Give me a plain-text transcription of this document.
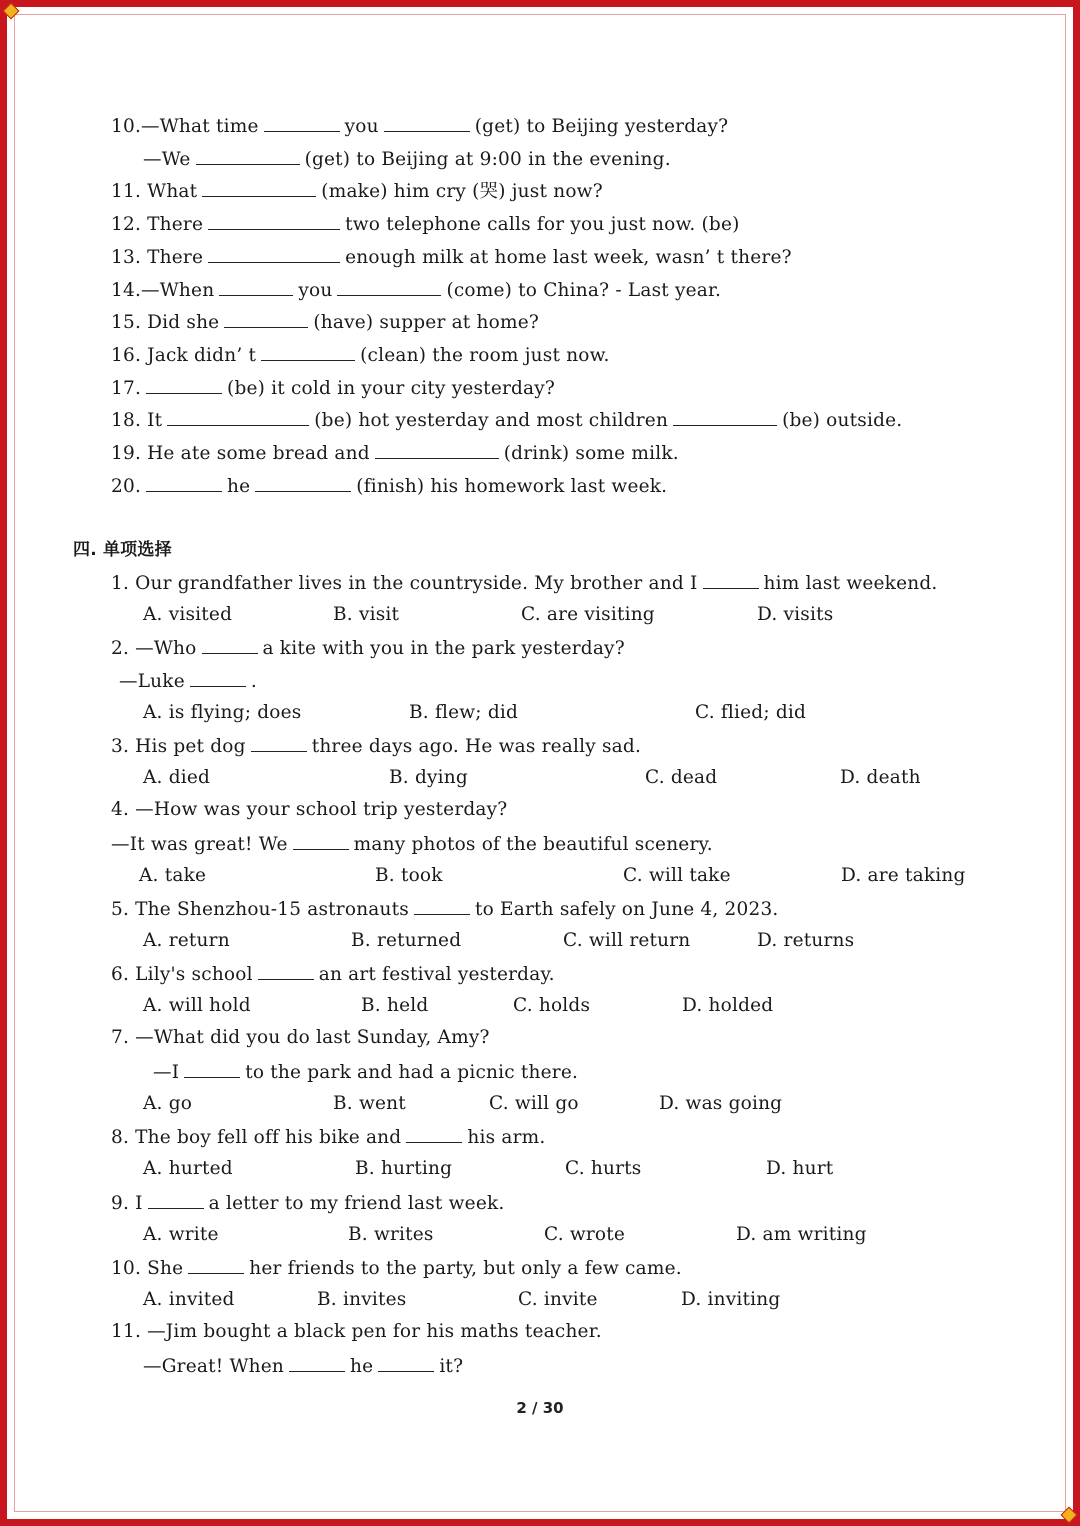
四. 单项选择
10.—What time	you	(get) to Beijing yesterday?
—We	(get) to Beijing at 9:00 in the evening.
11. What	(make) him cry (哭) just now?
12. There	two telephone calls for you just now. (be)
13. There	enough milk at home last week, wasn’ t there?
14.—When	you	(come) to China? - Last year.
15. Did she	(have) supper at home?
16. Jack didn’ t	(clean) the room just now.
17.	(be) it cold in your city yesterday?
18. It	(be) hot yesterday and most children	(be) outside.
19. He ate some bread and	(drink) some milk.
20.	he	(finish) his homework last week.
1. Our grandfather lives in the countryside. My brother and I	him last weekend.
2. —Who	a kite with you in the park yesterday?
—Luke	.
3. His pet dog	three days ago. He was really sad.
4. —How was your school trip yesterday?
—It was great! We	many photos of the beautiful scenery.
5. The Shenzhou-15 astronauts	to Earth safely on June 4, 2023.
6. Lily's school	an art festival yesterday.
7. —What did you do last Sunday, Amy?
—I	to the park and had a picnic there.
8. The boy fell off his bike and	his arm.
9. I	a letter to my friend last week.
10. She	her friends to the party, but only a few came.
11. —Jim bought a black pen for his maths teacher.
—Great! When	he	it?
A. visited	B. visit	C. are visiting	D. visits
A. is flying; does	B. flew; did	C. flied; did
A. died	B. dying	C. dead	D. death
A. take	B. took	C. will take	D. are taking
A. return	B. returned	C. will return	D. returns
A. will hold	B. held	C. holds	D. holded
A. go	B. went	C. will go	D. was going
A. hurted	B. hurting	C. hurts	D. hurt
A. write	B. writes	C. wrote	D. am writing
A. invited	B. invites	C. invite	D. inviting
2 / 30
